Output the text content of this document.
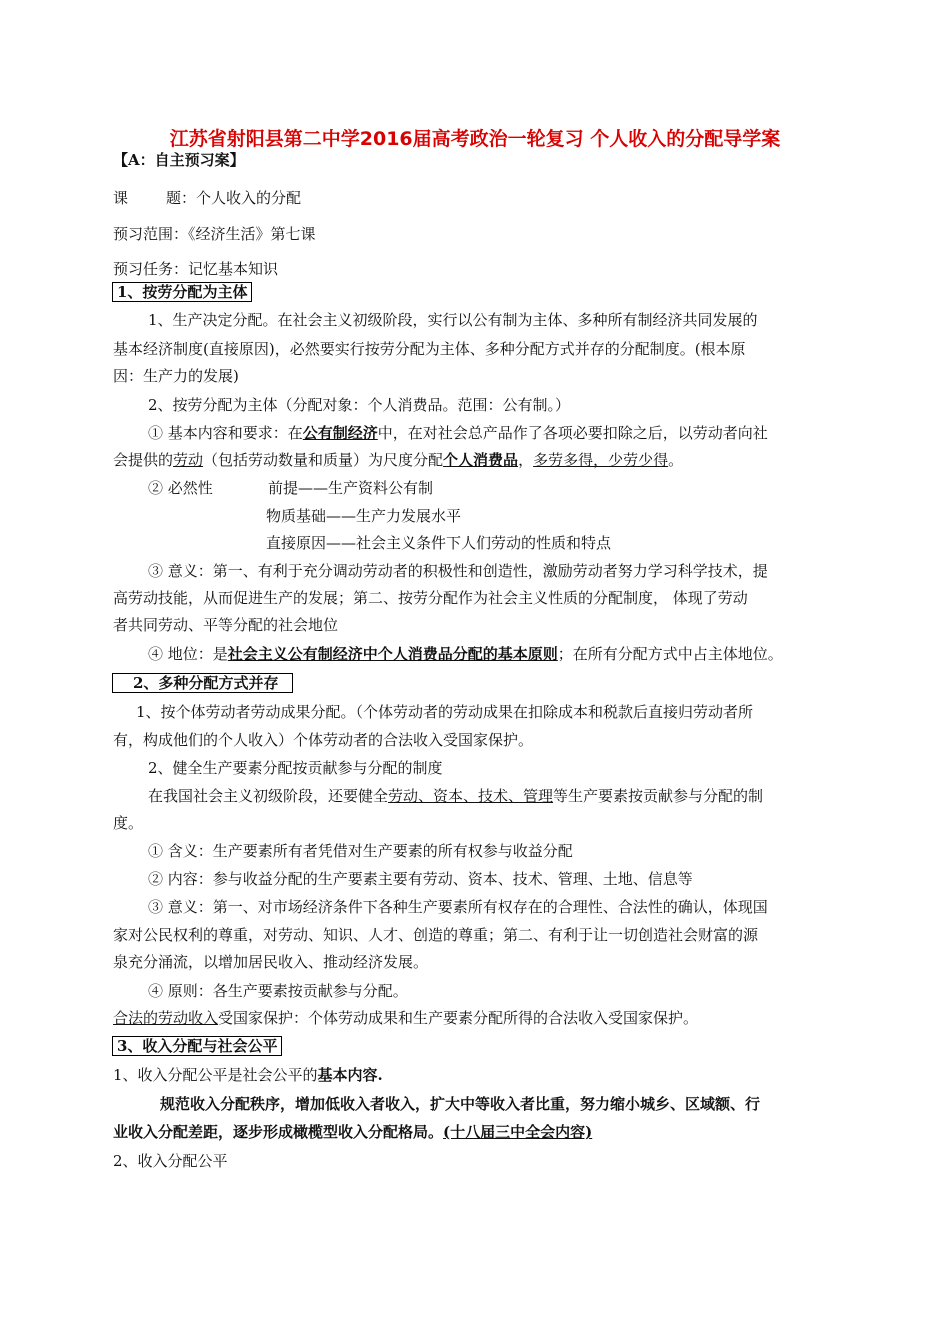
江苏省射阳县第二中学2016届高考政治一轮复习 个人收入的分配导学案
【A：自主预习案】
课	题：个人收入的分配
预习范围：《经济生活》第七课
预习任务：记忆基本知识
1、按劳分配为主体
1、生产决定分配。在社会主义初级阶段，实行以公有制为主体、多种所有制经济共同发展的
基本经济制度(直接原因)，必然要实行按劳分配为主体、多种分配方式并存的分配制度。(根本原
因：生产力的发展)
2、按劳分配为主体（分配对象：个人消费品。范围：公有制。）
① 基本内容和要求：在公有制经济中，在对社会总产品作了各项必要扣除之后，以劳动者向社
会提供的劳动（包括劳动数量和质量）为尺度分配个人消费品，多劳多得，少劳少得。
② 必然性	前提——生产资料公有制
物质基础——生产力发展水平
直接原因——社会主义条件下人们劳动的性质和特点
③ 意义：第一、有利于充分调动劳动者的积极性和创造性，激励劳动者努力学习科学技术，提
高劳动技能，从而促进生产的发展；第二、按劳分配作为社会主义性质的分配制度， 体现了劳动
者共同劳动、平等分配的社会地位
④ 地位：是社会主义公有制经济中个人消费品分配的基本原则；在所有分配方式中占主体地位。
2、多种分配方式并存
1、按个体劳动者劳动成果分配。（个体劳动者的劳动成果在扣除成本和税款后直接归劳动者所
有，构成他们的个人收入）个体劳动者的合法收入受国家保护。
2、健全生产要素分配按贡献参与分配的制度
在我国社会主义初级阶段，还要健全劳动、资本、技术、管理等生产要素按贡献参与分配的制
度。
① 含义：生产要素所有者凭借对生产要素的所有权参与收益分配
② 内容：参与收益分配的生产要素主要有劳动、资本、技术、管理、土地、信息等
③ 意义：第一、对市场经济条件下各种生产要素所有权存在的合理性、合法性的确认，体现国
家对公民权利的尊重，对劳动、知识、人才、创造的尊重；第二、有利于让一切创造社会财富的源
泉充分涌流，以增加居民收入、推动经济发展。
④ 原则：各生产要素按贡献参与分配。
合法的劳动收入受国家保护：个体劳动成果和生产要素分配所得的合法收入受国家保护。
3、收入分配与社会公平
1、收入分配公平是社会公平的基本内容.
规范收入分配秩序，增加低收入者收入，扩大中等收入者比重，努力缩小城乡、区域额、行
业收入分配差距，逐步形成橄榄型收入分配格局。(十八届三中全会内容)
2、收入分配公平
